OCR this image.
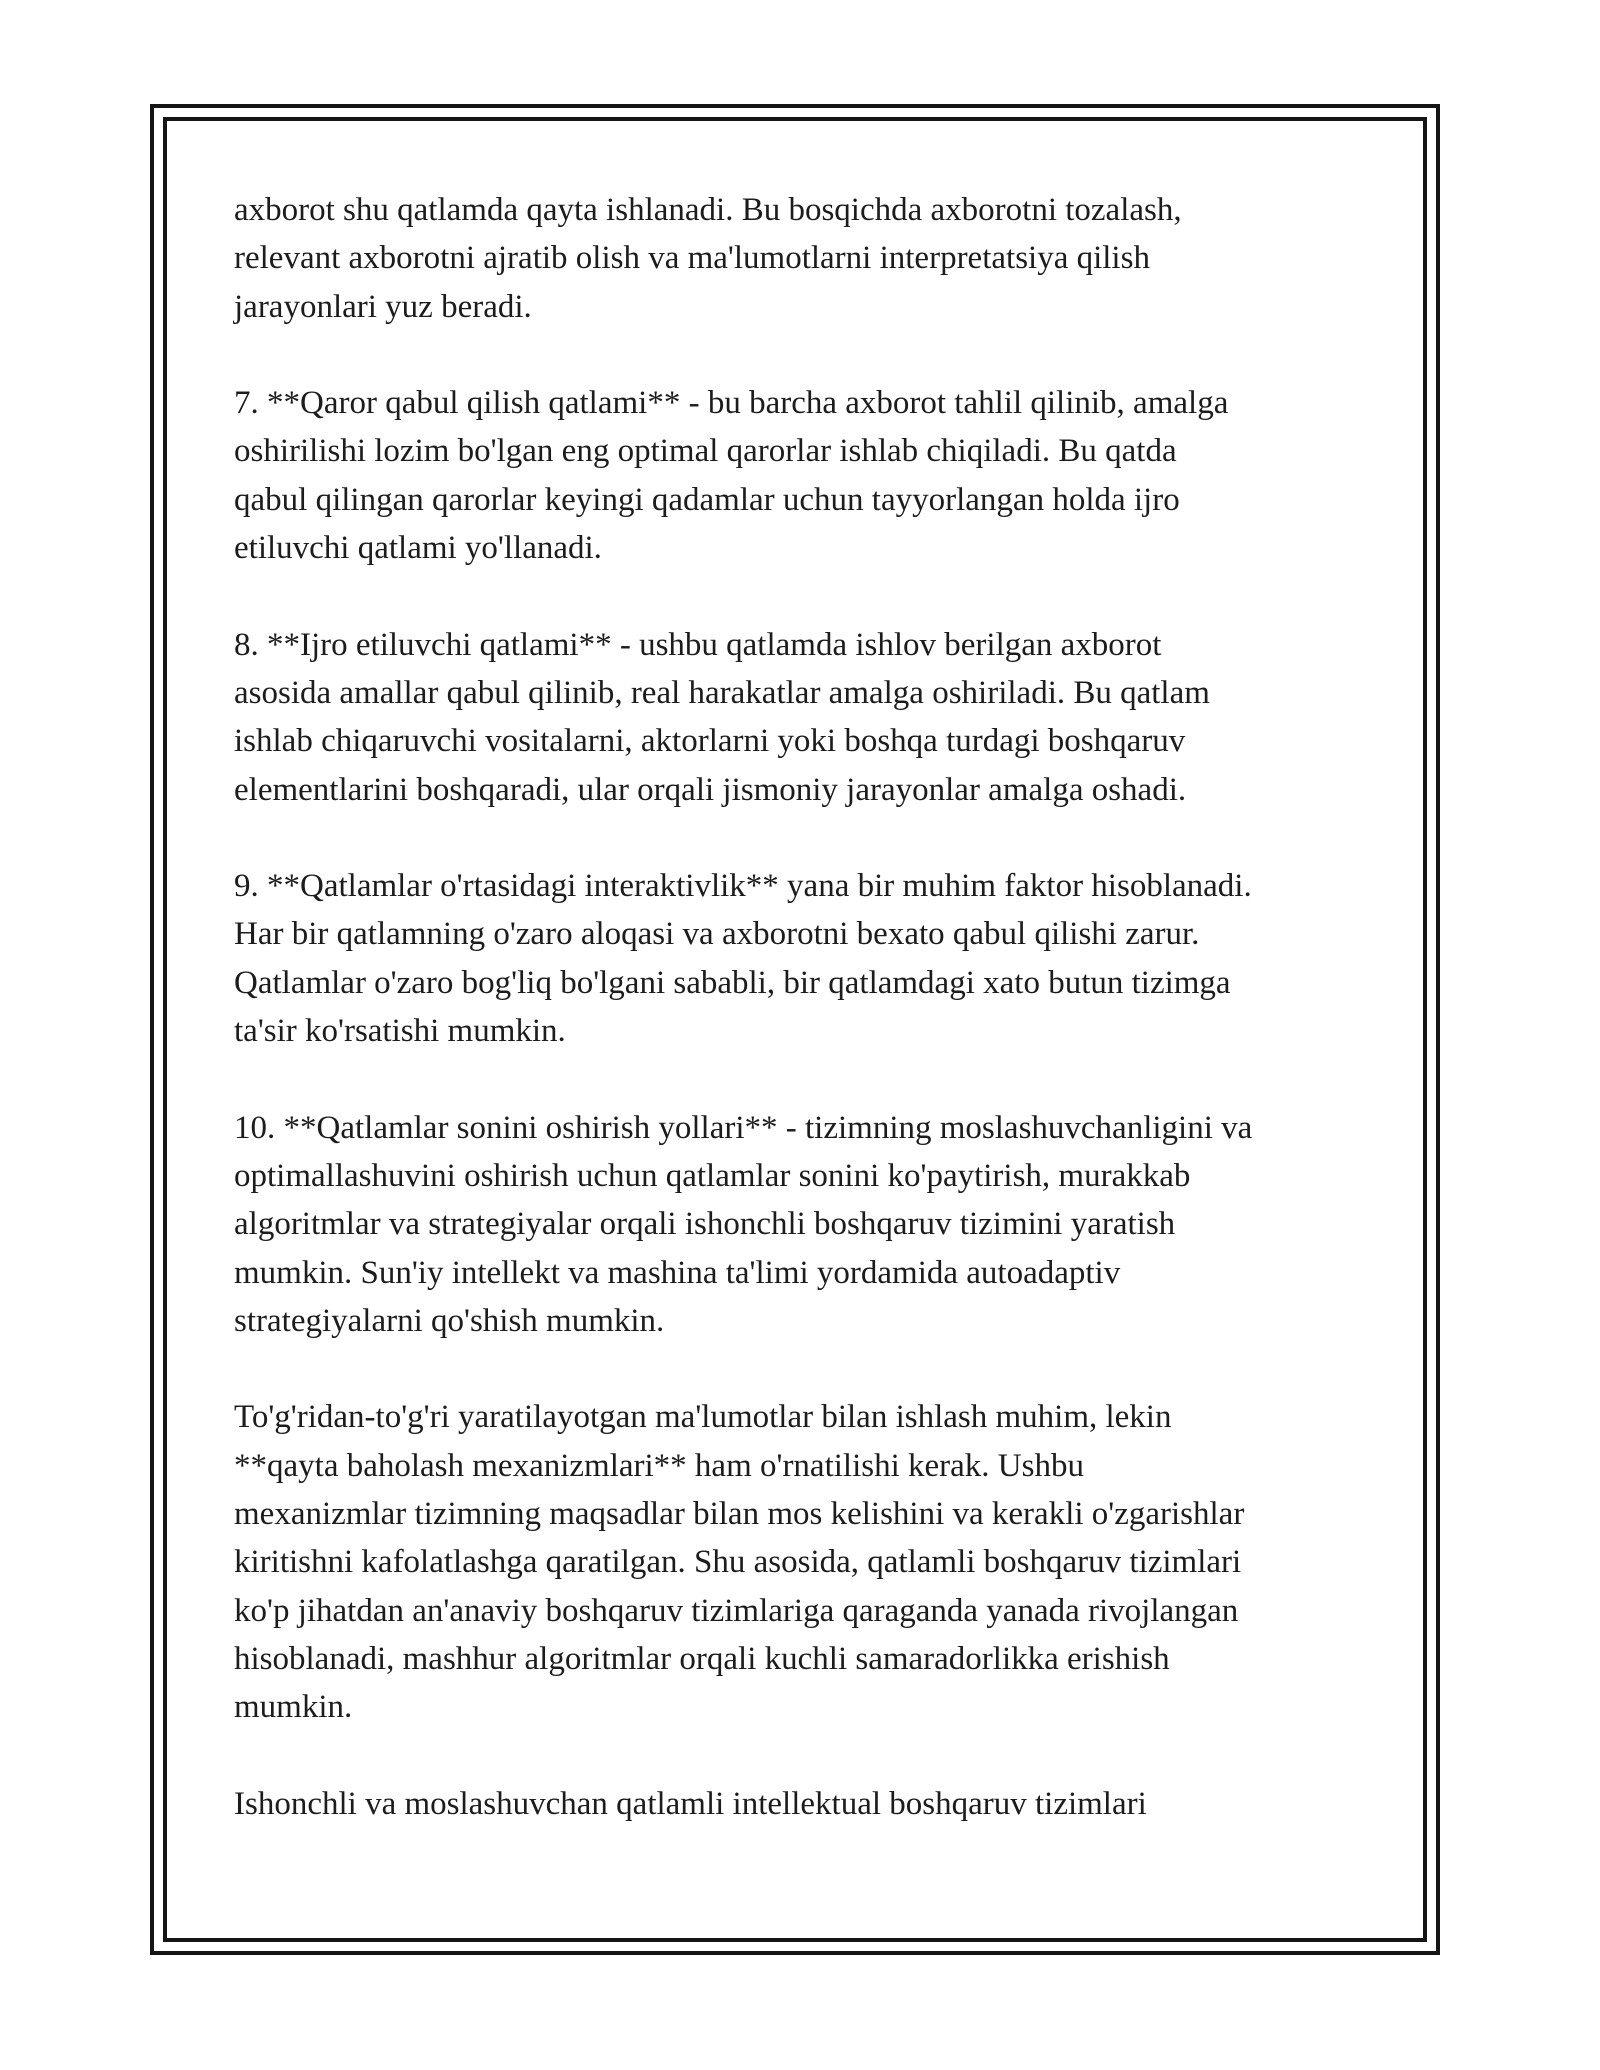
axborot shu qatlamda qayta ishlanadi. Bu bosqichda axborotni tozalash,
relevant axborotni ajratib olish va ma'lumotlarni interpretatsiya qilish
jarayonlari yuz beradi.

7. **Qaror qabul qilish qatlami** - bu barcha axborot tahlil qilinib, amalga
oshirilishi lozim bo'lgan eng optimal qarorlar ishlab chiqiladi. Bu qatda
qabul qilingan qarorlar keyingi qadamlar uchun tayyorlangan holda ijro
etiluvchi qatlami yo'llanadi.

8. **Ijro etiluvchi qatlami** - ushbu qatlamda ishlov berilgan axborot
asosida amallar qabul qilinib, real harakatlar amalga oshiriladi. Bu qatlam
ishlab chiqaruvchi vositalarni, aktorlarni yoki boshqa turdagi boshqaruv
elementlarini boshqaradi, ular orqali jismoniy jarayonlar amalga oshadi.

9. **Qatlamlar o'rtasidagi interaktivlik** yana bir muhim faktor hisoblanadi.
Har bir qatlamning o'zaro aloqasi va axborotni bexato qabul qilishi zarur.
Qatlamlar o'zaro bog'liq bo'lgani sababli, bir qatlamdagi xato butun tizimga
ta'sir ko'rsatishi mumkin.

10. **Qatlamlar sonini oshirish yollari** - tizimning moslashuvchanligini va
optimallashuvini oshirish uchun qatlamlar sonini ko'paytirish, murakkab
algoritmlar va strategiyalar orqali ishonchli boshqaruv tizimini yaratish
mumkin. Sun'iy intellekt va mashina ta'limi yordamida autoadaptiv
strategiyalarni qo'shish mumkin.

To'g'ridan-to'g'ri yaratilayotgan ma'lumotlar bilan ishlash muhim, lekin
**qayta baholash mexanizmlari** ham o'rnatilishi kerak. Ushbu
mexanizmlar tizimning maqsadlar bilan mos kelishini va kerakli o'zgarishlar
kiritishni kafolatlashga qaratilgan. Shu asosida, qatlamli boshqaruv tizimlari
ko'p jihatdan an'anaviy boshqaruv tizimlariga qaraganda yanada rivojlangan
hisoblanadi, mashhur algoritmlar orqali kuchli samaradorlikka erishish
mumkin.

Ishonchli va moslashuvchan qatlamli intellektual boshqaruv tizimlari
